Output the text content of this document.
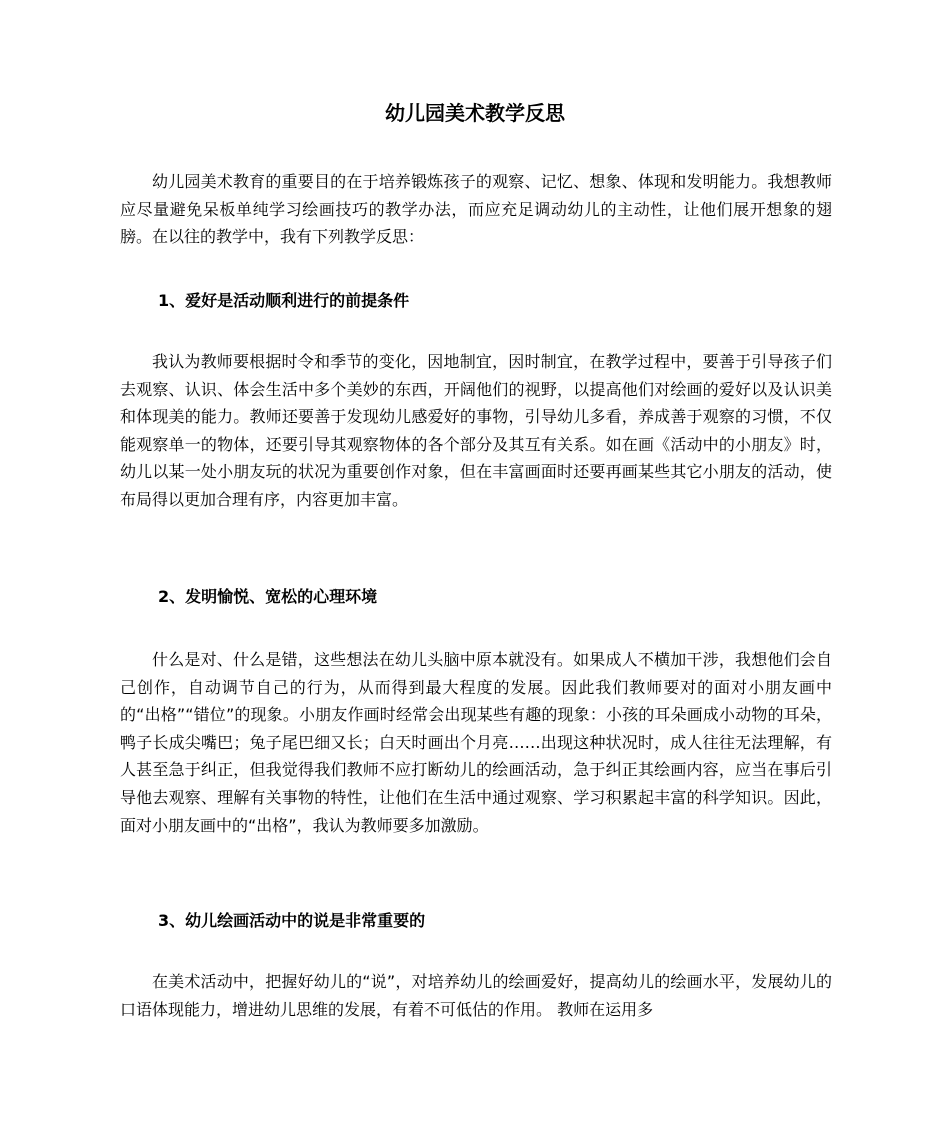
幼儿园美术教学反思

幼儿园美术教育的重要目的在于培养锻炼孩子的观察、记忆、想象、体现和发明能力。我想教师应尽量避免呆板单纯学习绘画技巧的教学办法，而应充足调动幼儿的主动性，让他们展开想象的翅膀。在以往的教学中，我有下列教学反思：

1、爱好是活动顺利进行的前提条件

我认为教师要根据时令和季节的变化，因地制宜，因时制宜，在教学过程中，要善于引导孩子们去观察、认识、体会生活中多个美妙的东西，开阔他们的视野，以提高他们对绘画的爱好以及认识美和体现美的能力。教师还要善于发现幼儿感爱好的事物，引导幼儿多看，养成善于观察的习惯，不仅能观察单一的物体，还要引导其观察物体的各个部分及其互有关系。如在画《活动中的小朋友》时，幼儿以某一处小朋友玩的状况为重要创作对象，但在丰富画面时还要再画某些其它小朋友的活动，使布局得以更加合理有序，内容更加丰富。

2、发明愉悦、宽松的心理环境

什么是对、什么是错，这些想法在幼儿头脑中原本就没有。如果成人不横加干涉，我想他们会自己创作，自动调节自己的行为，从而得到最大程度的发展。因此我们教师要对的面对小朋友画中的“出格”“错位”的现象。小朋友作画时经常会出现某些有趣的现象：小孩的耳朵画成小动物的耳朵，鸭子长成尖嘴巴；兔子尾巴细又长；白天时画出个月亮……出现这种状况时，成人往往无法理解，有人甚至急于纠正，但我觉得我们教师不应打断幼儿的绘画活动，急于纠正其绘画内容，应当在事后引导他去观察、理解有关事物的特性，让他们在生活中通过观察、学习积累起丰富的科学知识。因此，面对小朋友画中的“出格”，我认为教师要多加激励。

3、幼儿绘画活动中的说是非常重要的

在美术活动中，把握好幼儿的“说”，对培养幼儿的绘画爱好，提高幼儿的绘画水平，发展幼儿的口语体现能力，增进幼儿思维的发展，有着不可低估的作用。 教师在运用多
